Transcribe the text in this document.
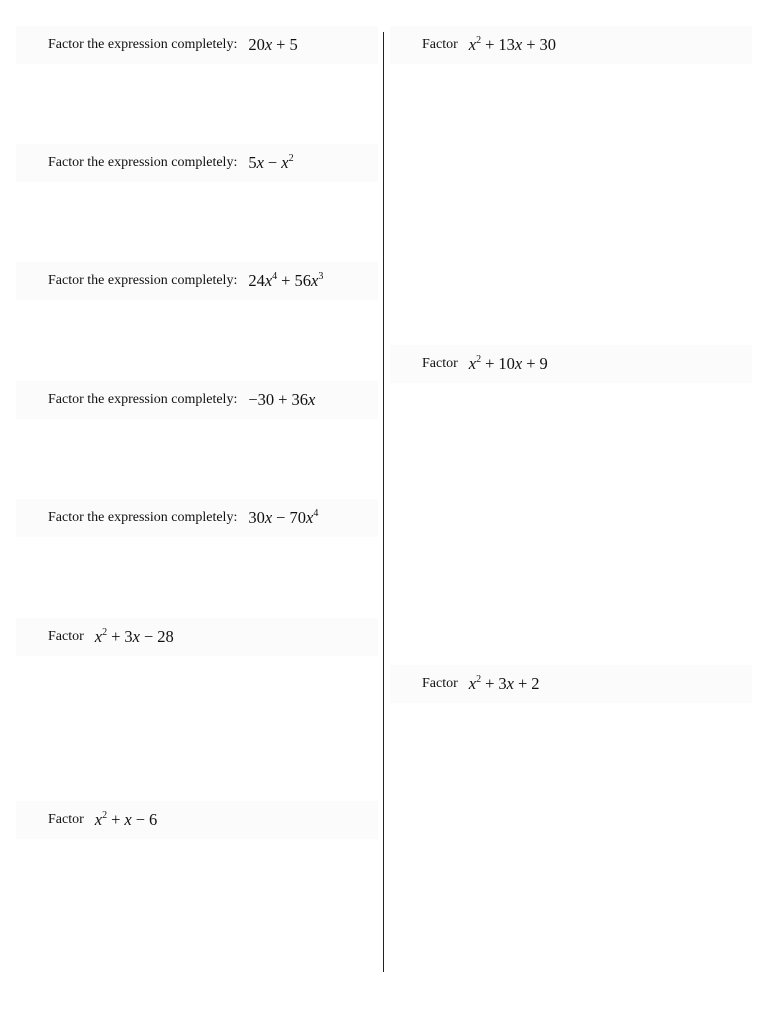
Factor the expression completely: 20x + 5
Factor the expression completely: $5x - x^2$
Factor the expression completely: $24x^4 + 56x^3$
Factor the expression completely: −30 + 36x
Factor the expression completely: $30x - 70x^4$
Factor $x^2 + 3x - 28$
Factor $x^2 + x - 6$
Factor $x^2 + 13x + 30$
Factor $x^2 + 10x + 9$
Factor $x^2 + 3x + 2$
